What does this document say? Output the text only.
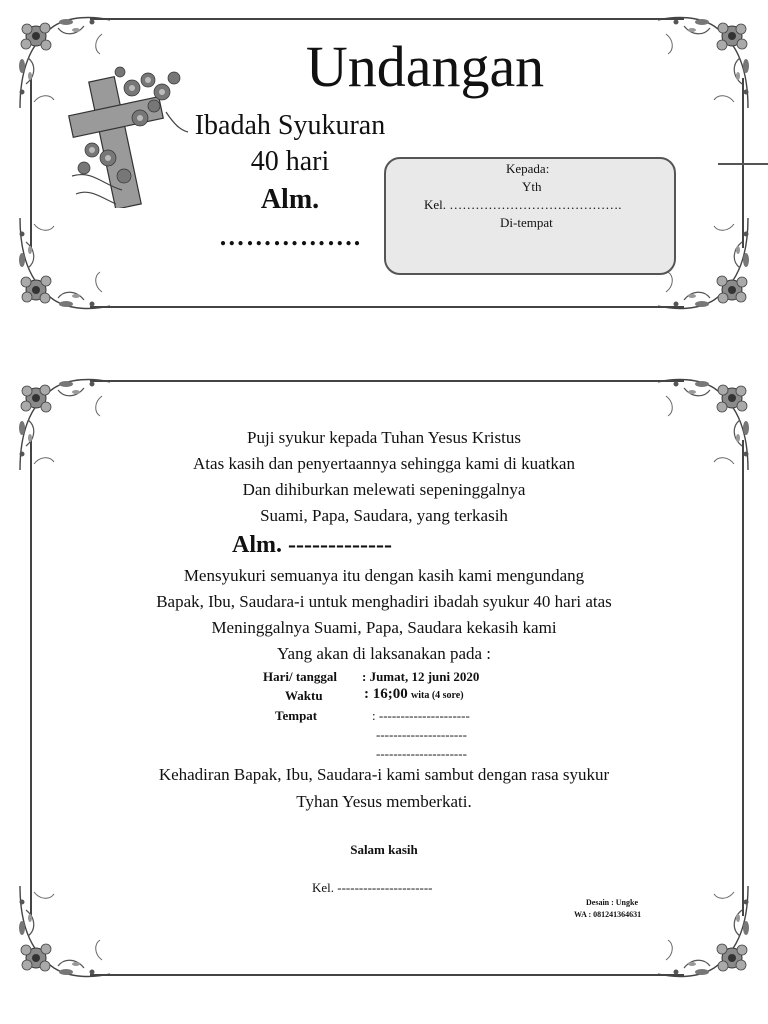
Undangan
Ibadah Syukuran
40 hari
Alm.
…………….
Kepada:
Yth
Kel. ………………………………….
Di-tempat
Puji syukur kepada Tuhan Yesus Kristus
Atas kasih dan penyertaannya sehingga kami di kuatkan
Dan dihiburkan melewati sepeninggalnya
Suami, Papa, Saudara, yang terkasih
Alm. -------------
Mensyukuri semuanya itu dengan kasih kami mengundang
Bapak, Ibu, Saudara-i untuk menghadiri ibadah syukur 40 hari atas
Meninggalnya Suami, Papa, Saudara kekasih kami
Yang akan di laksanakan pada :
Hari/ tanggal : Jumat, 12 juni 2020
Waktu	: 16;00 wita (4 sore)
Tempat	: ---------------------
---------------------
---------------------
Kehadiran Bapak, Ibu, Saudara-i kami sambut dengan rasa syukur
Tyhan Yesus memberkati.
Salam kasih
Kel. ----------------------
Desain : Ungke
WA : 081241364631
